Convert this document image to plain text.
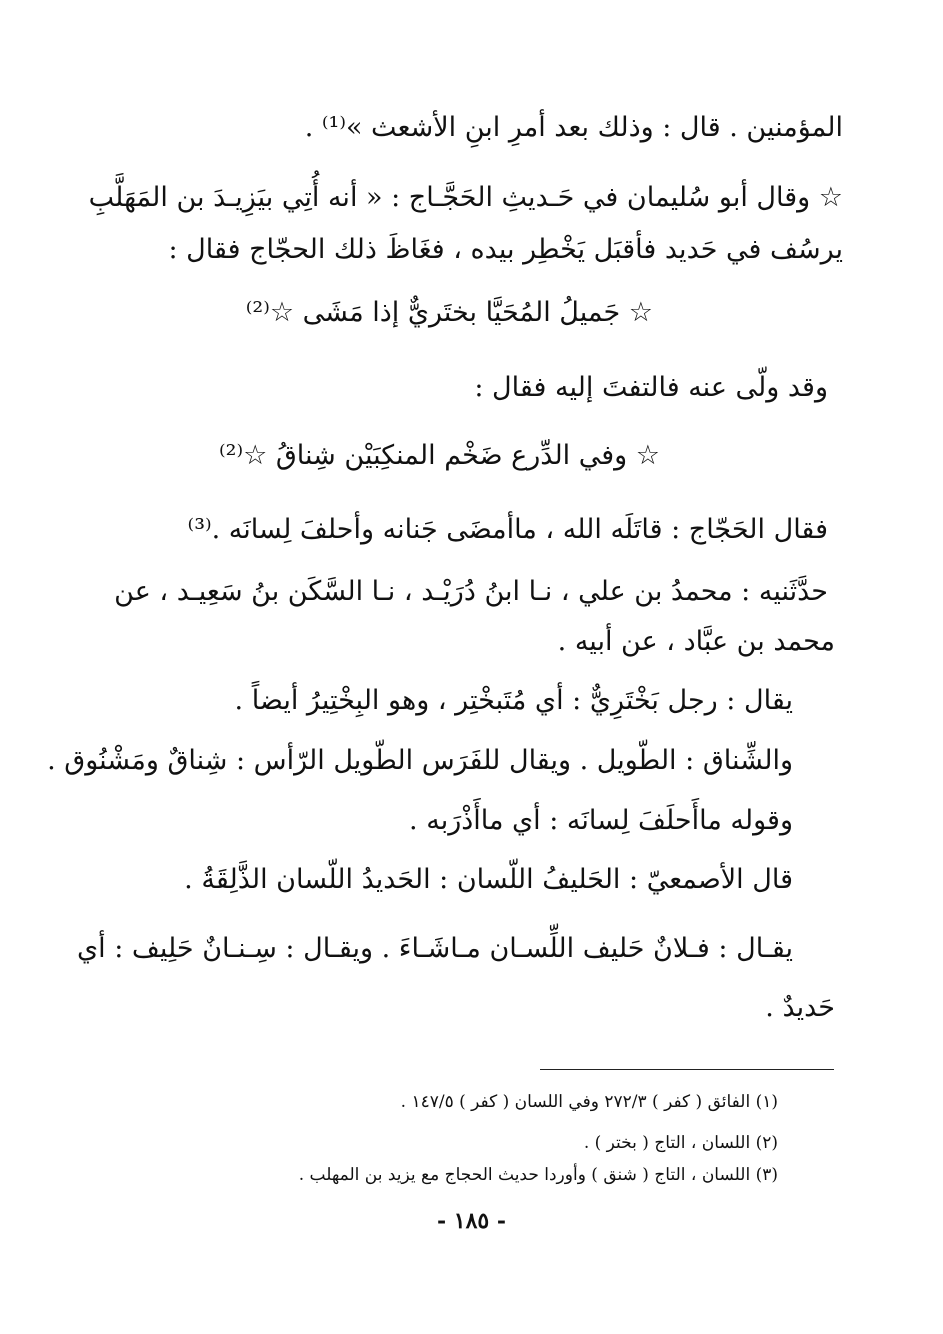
المؤمنين . قال : وذلك بعد أمرِ ابنِ الأشعث »⁽¹⁾ .
☆ وقال أبو سُليمان في حَـديثِ الحَجَّـاج : « أنه أُتِي بيَزِيـدَ بن المَهَلَّبِ
يرسُف في حَديد فأقبَل يَخْطِر بيده ، فغَاظَ ذلك الحجّاج فقال :
☆ جَميلُ المُحَيَّا بختَريٌّ إذا مَشَى ☆⁽²⁾
وقد ولّى عنه فالتفتَ إليه فقال :
☆ وفي الدِّرع ضَخْم المنكِبَيْن شِناقُ ☆⁽²⁾
فقال الحَجّاج : قاتَلَه الله ، ماأمضَى جَنانه وأحلفَ لِسانَه .⁽³⁾
حدَّثَنيه : محمدُ بن علي ، نـا ابنُ دُرَيْـد ، نـا السَّكَن بنُ سَعِيـد ، عن
محمد بن عبَّاد ، عن أبيه .
يقال : رجل بَخْتَرِيٌّ : أي مُتَبخْتِر ، وهو البِخْتِيرُ أيضاً .
والشِّناق : الطّويل . ويقال للفَرَس الطّويل الرّأس : شِناقٌ ومَشْنُوق .
وقوله ماأَحلَفَ لِسانَه : أي ماأَذْرَبه .
قال الأصمعيّ : الحَليفُ اللّسان : الحَديدُ اللّسان الذَّلِقَةُ .
يقـال : فـلانٌ حَليف اللِّسـان مـاشَـاءَ . ويقـال : سِـنـانٌ حَلِيف : أي
حَديدٌ .
(١) الفائق ( كفر ) ٢٧٢/٣ وفي اللسان ( كفر ) ١٤٧/٥ .
(٢) اللسان ، التاج ( بختر ) .
(٣) اللسان ، التاج ( شنق ) وأوردا حديث الحجاج مع يزيد بن المهلب .
- ١٨٥ -
